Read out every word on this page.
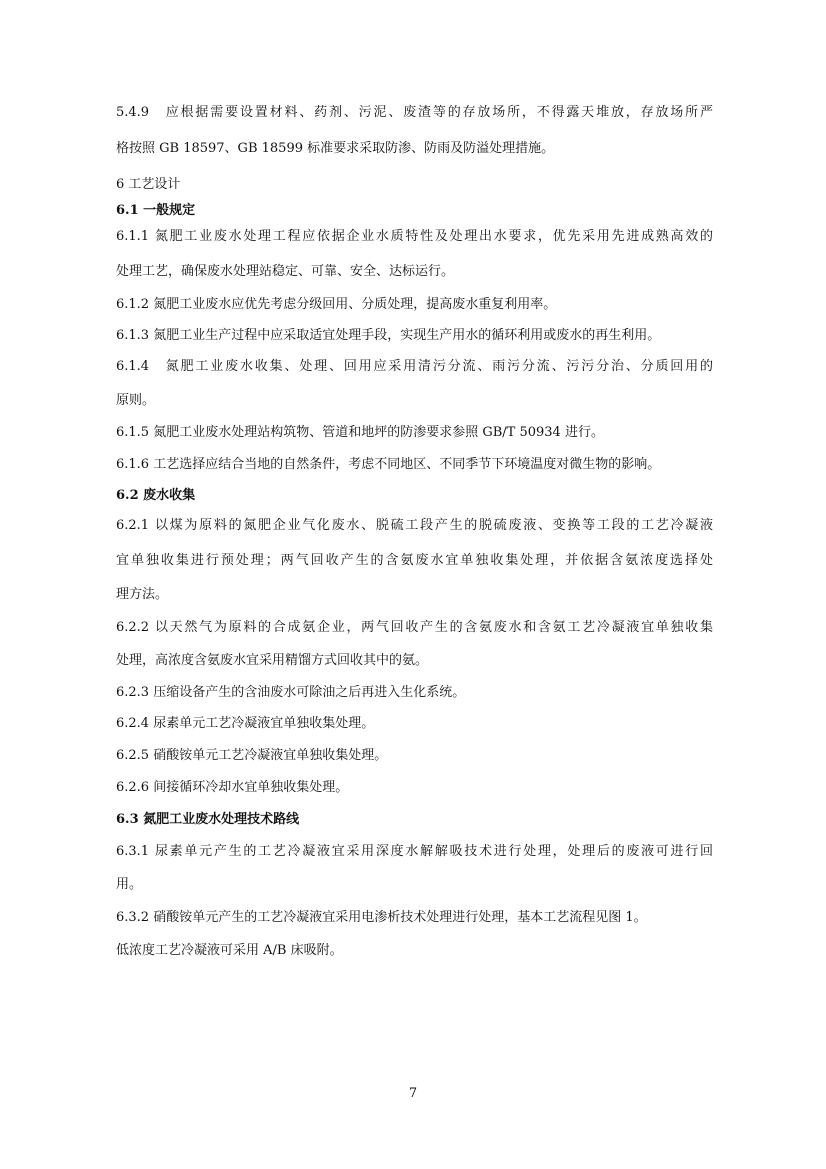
5.4.9　应根据需要设置材料、药剂、污泥、废渣等的存放场所，不得露天堆放，存放场所严

格按照 GB 18597、GB 18599 标准要求采取防渗、防雨及防溢处理措施。

6 工艺设计

6.1 一般规定

6.1.1 氮肥工业废水处理工程应依据企业水质特性及处理出水要求，优先采用先进成熟高效的

处理工艺，确保废水处理站稳定、可靠、安全、达标运行。

6.1.2 氮肥工业废水应优先考虑分级回用、分质处理，提高废水重复利用率。

6.1.3 氮肥工业生产过程中应采取适宜处理手段，实现生产用水的循环利用或废水的再生利用。

6.1.4　氮肥工业废水收集、处理、回用应采用清污分流、雨污分流、污污分治、分质回用的

原则。

6.1.5 氮肥工业废水处理站构筑物、管道和地坪的防渗要求参照 GB/T 50934 进行。

6.1.6 工艺选择应结合当地的自然条件，考虑不同地区、不同季节下环境温度对微生物的影响。

6.2 废水收集

6.2.1 以煤为原料的氮肥企业气化废水、脱硫工段产生的脱硫废液、变换等工段的工艺冷凝液

宜单独收集进行预处理；两气回收产生的含氨废水宜单独收集处理，并依据含氨浓度选择处

理方法。

6.2.2 以天然气为原料的合成氨企业，两气回收产生的含氨废水和含氨工艺冷凝液宜单独收集

处理，高浓度含氨废水宜采用精馏方式回收其中的氨。

6.2.3 压缩设备产生的含油废水可除油之后再进入生化系统。

6.2.4 尿素单元工艺冷凝液宜单独收集处理。

6.2.5 硝酸铵单元工艺冷凝液宜单独收集处理。

6.2.6 间接循环冷却水宜单独收集处理。

6.3 氮肥工业废水处理技术路线

6.3.1 尿素单元产生的工艺冷凝液宜采用深度水解解吸技术进行处理，处理后的废液可进行回

用。

6.3.2 硝酸铵单元产生的工艺冷凝液宜采用电渗析技术处理进行处理，基本工艺流程见图 1。

低浓度工艺冷凝液可采用 A/B 床吸附。

7
